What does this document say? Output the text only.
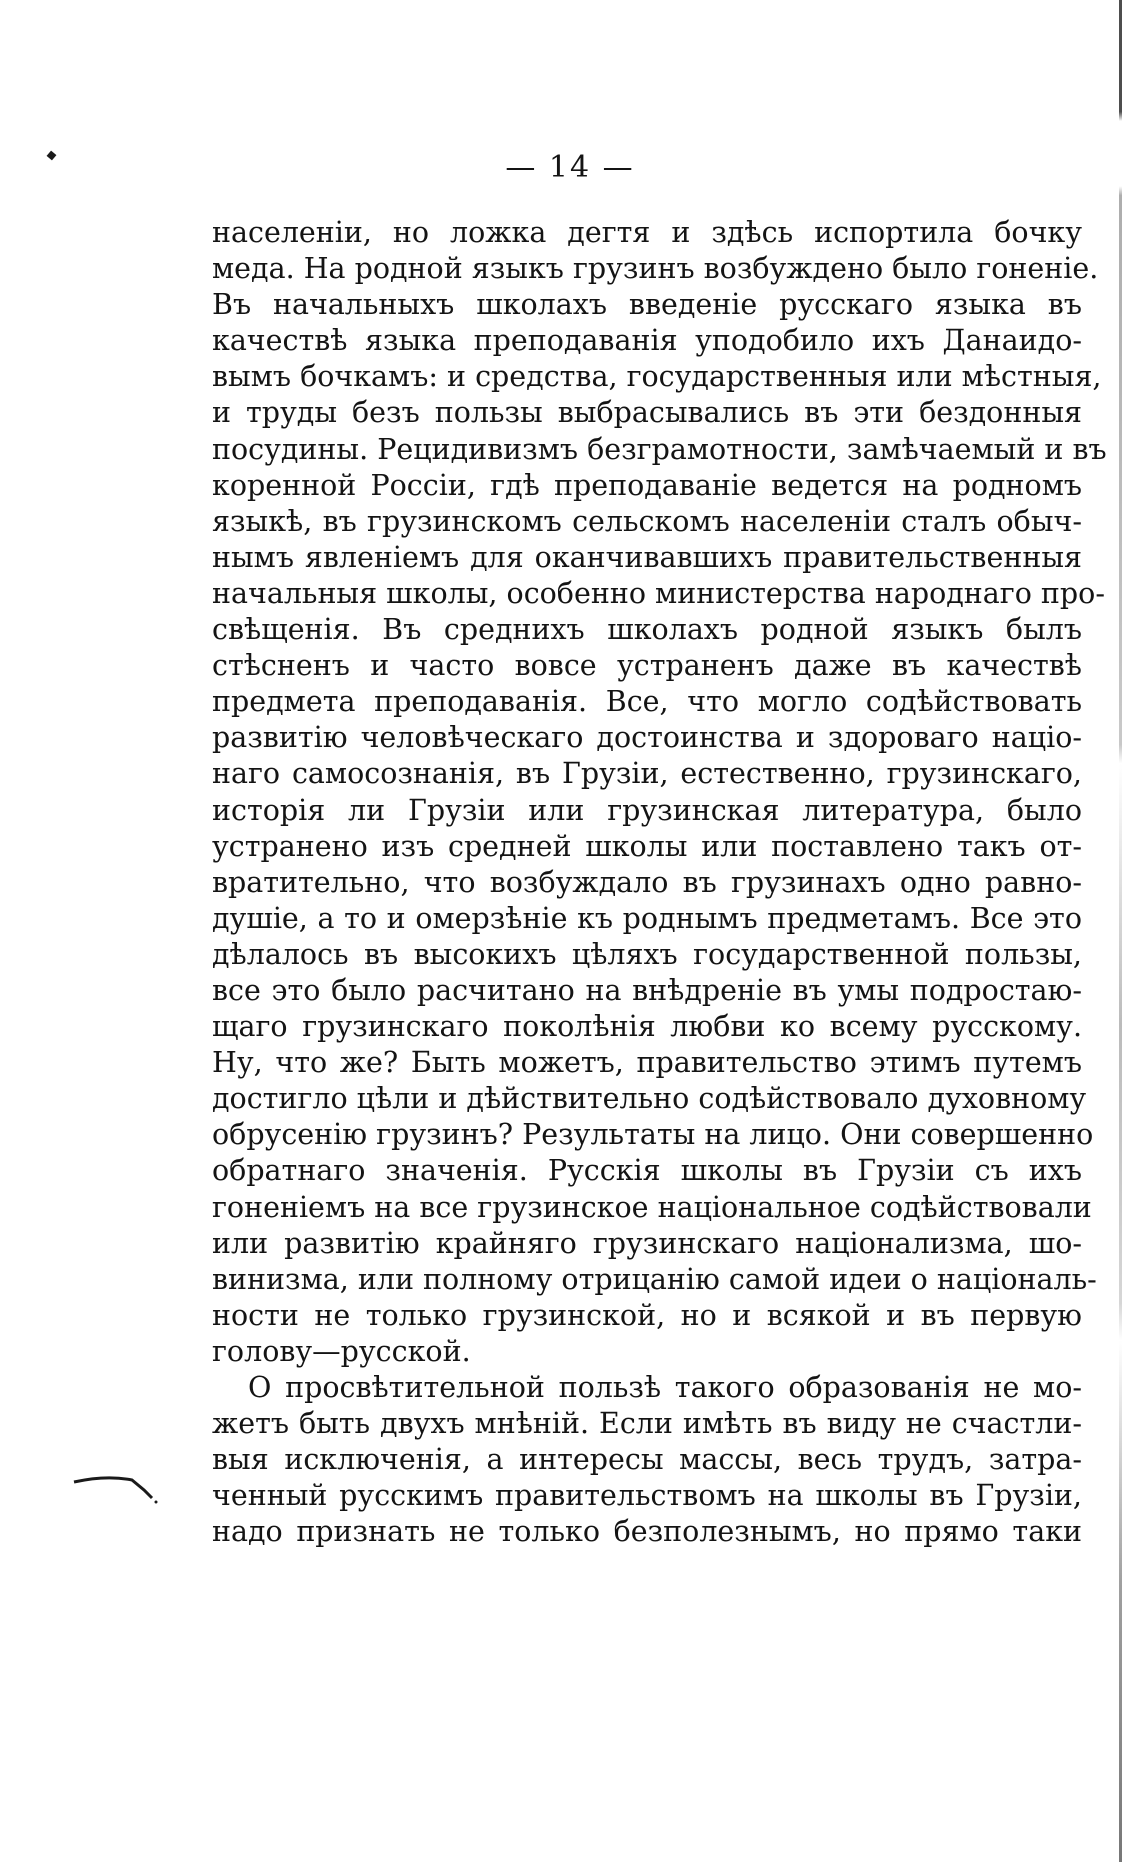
— 14 —
населенiи, но ложка дегтя и здѣсь испортила бочку
меда. На родной языкъ грузинъ возбуждено было гоненiе.
Въ начальныхъ школахъ введенiе русскаго языка въ
качествѣ языка преподаванiя уподобило ихъ Данаидо-
вымъ бочкамъ: и средства, государственныя или мѣстныя,
и труды безъ пользы выбрасывались въ эти бездонныя
посудины. Рецидивизмъ безграмотности, замѣчаемый и въ
коренной Россiи, гдѣ преподаванiе ведется на родномъ
языкѣ, въ грузинскомъ сельскомъ населенiи сталъ обыч-
нымъ явленiемъ для оканчивавшихъ правительственныя
начальныя школы, особенно министерства народнаго про-
свѣщенiя. Въ среднихъ школахъ родной языкъ былъ
стѣсненъ и часто вовсе устраненъ даже въ качествѣ
предмета преподаванiя. Все, что могло содѣйствовать
развитiю человѣческаго достоинства и здороваго нацiо-
наго самосознанiя, въ Грузiи, естественно, грузинскаго,
исторiя ли Грузiи или грузинская литература, было
устранено изъ средней школы или поставлено такъ от-
вратительно, что возбуждало въ грузинахъ одно равно-
душiе, а то и омерзѣнiе къ роднымъ предметамъ. Все это
дѣлалось въ высокихъ цѣляхъ государственной пользы,
все это было расчитано на внѣдренiе въ умы подростаю-
щаго грузинскаго поколѣнiя любви ко всему русскому.
Ну, что же? Быть можетъ, правительство этимъ путемъ
достигло цѣли и дѣйствительно содѣйствовало духовному
обрусенiю грузинъ? Результаты на лицо. Они совершенно
обратнаго значенiя. Русскiя школы въ Грузiи съ ихъ
гоненiемъ на все грузинское нацiональное содѣйствовали
или развитiю крайняго грузинскаго нацiонализма, шо-
винизма, или полному отрицанiю самой идеи о нацiональ-
ности не только грузинской, но и всякой и въ первую
голову—русской.
О просвѣтительной пользѣ такого образованiя не мо-
жетъ быть двухъ мнѣнiй. Если имѣть въ виду не счастли-
выя исключенiя, а интересы массы, весь трудъ, затра-
ченный русскимъ правительствомъ на школы въ Грузiи,
надо признать не только безполезнымъ, но прямо таки
